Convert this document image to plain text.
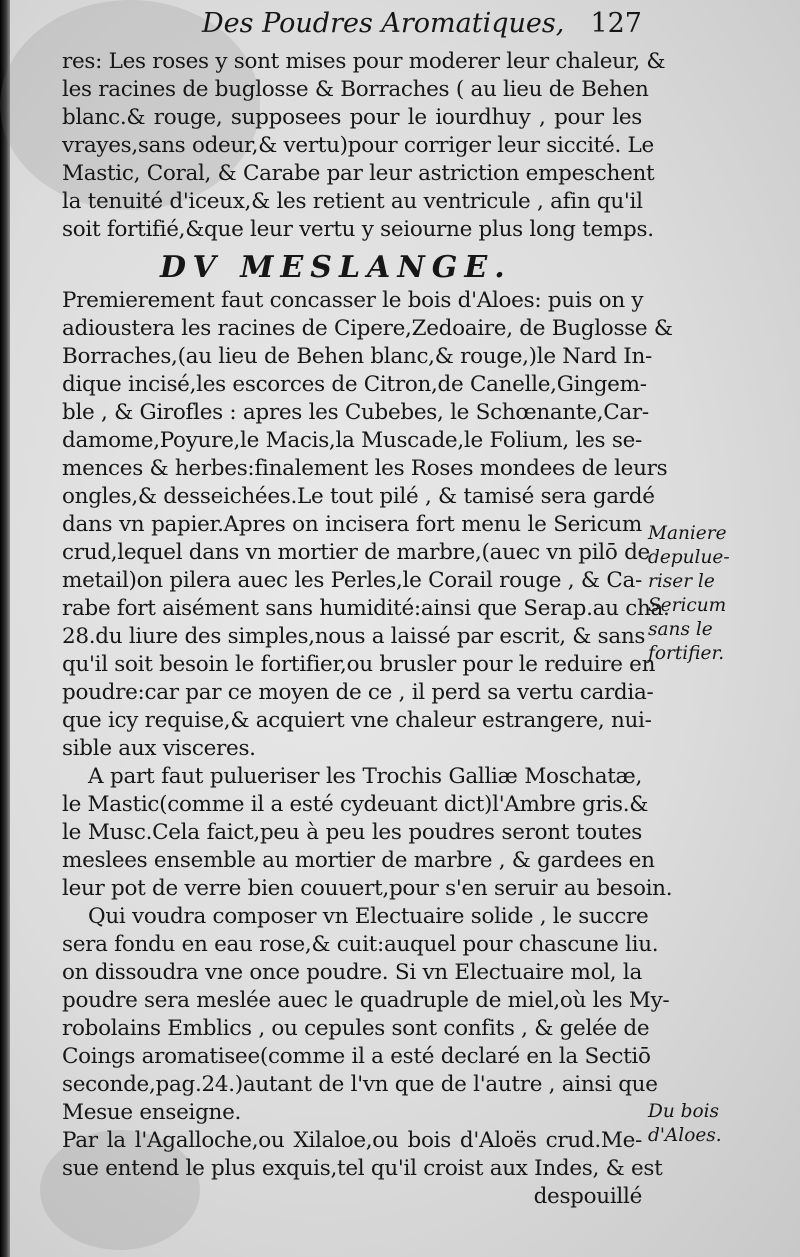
Des Poudres Aromatiques, 127
res: Les roses y sont mises pour moderer leur chaleur, &
les racines de buglosse & Borraches ( au lieu de Behen
blanc.& rouge, supposees pour le iourdhuy , pour les
vrayes,sans odeur,& vertu)pour corriger leur siccité. Le
Mastic, Coral, & Carabe par leur astriction empeschent
la tenuité d'iceux,& les retient au ventricule , afin qu'il
soit fortifié,&que leur vertu y seiourne plus long temps.
DV MESLANGE.
Premierement faut concasser le bois d'Aloes: puis on y
adioustera les racines de Cipere,Zedoaire, de Buglosse &
Borraches,(au lieu de Behen blanc,& rouge,)le Nard In-
dique incisé,les escorces de Citron,de Canelle,Gingem-
ble , & Girofles : apres les Cubebes, le Schœnante,Car-
damome,Poyure,le Macis,la Muscade,le Folium, les se-
mences & herbes:finalement les Roses mondees de leurs
ongles,& desseichées.Le tout pilé , & tamisé sera gardé
dans vn papier.Apres on incisera fort menu le Sericum
crud,lequel dans vn mortier de marbre,(auec vn pilō de
metail)on pilera auec les Perles,le Corail rouge , & Ca-
rabe fort aisément sans humidité:ainsi que Serap.au cha.
28.du liure des simples,nous a laissé par escrit, & sans
qu'il soit besoin le fortifier,ou brusler pour le reduire en
poudre:car par ce moyen de ce , il perd sa vertu cardia-
que icy requise,& acquiert vne chaleur estrangere, nui-
sible aux visceres.
A part faut pulueriser les Trochis Galliæ Moschatæ,
le Mastic(comme il a esté cydeuant dict)l'Ambre gris.&
le Musc.Cela faict,peu à peu les poudres seront toutes
meslees ensemble au mortier de marbre , & gardees en
leur pot de verre bien couuert,pour s'en seruir au besoin.
Qui voudra composer vn Electuaire solide , le succre
sera fondu en eau rose,& cuit:auquel pour chascune liu.
on dissoudra vne once poudre. Si vn Electuaire mol, la
poudre sera meslée auec le quadruple de miel,où les My-
robolains Emblics , ou cepules sont confits , & gelée de
Coings aromatisee(comme il a esté declaré en la Sectiō
seconde,pag.24.)autant de l'vn que de l'autre , ainsi que
Mesue enseigne.
Par la l'Agalloche,ou Xilaloe,ou bois d'Aloës crud.Me-
sue entend le plus exquis,tel qu'il croist aux Indes, & est
despouillé
Maniere
depulue-
riser le
Sericum
sans le
fortifier.
Du bois
d'Aloes.
